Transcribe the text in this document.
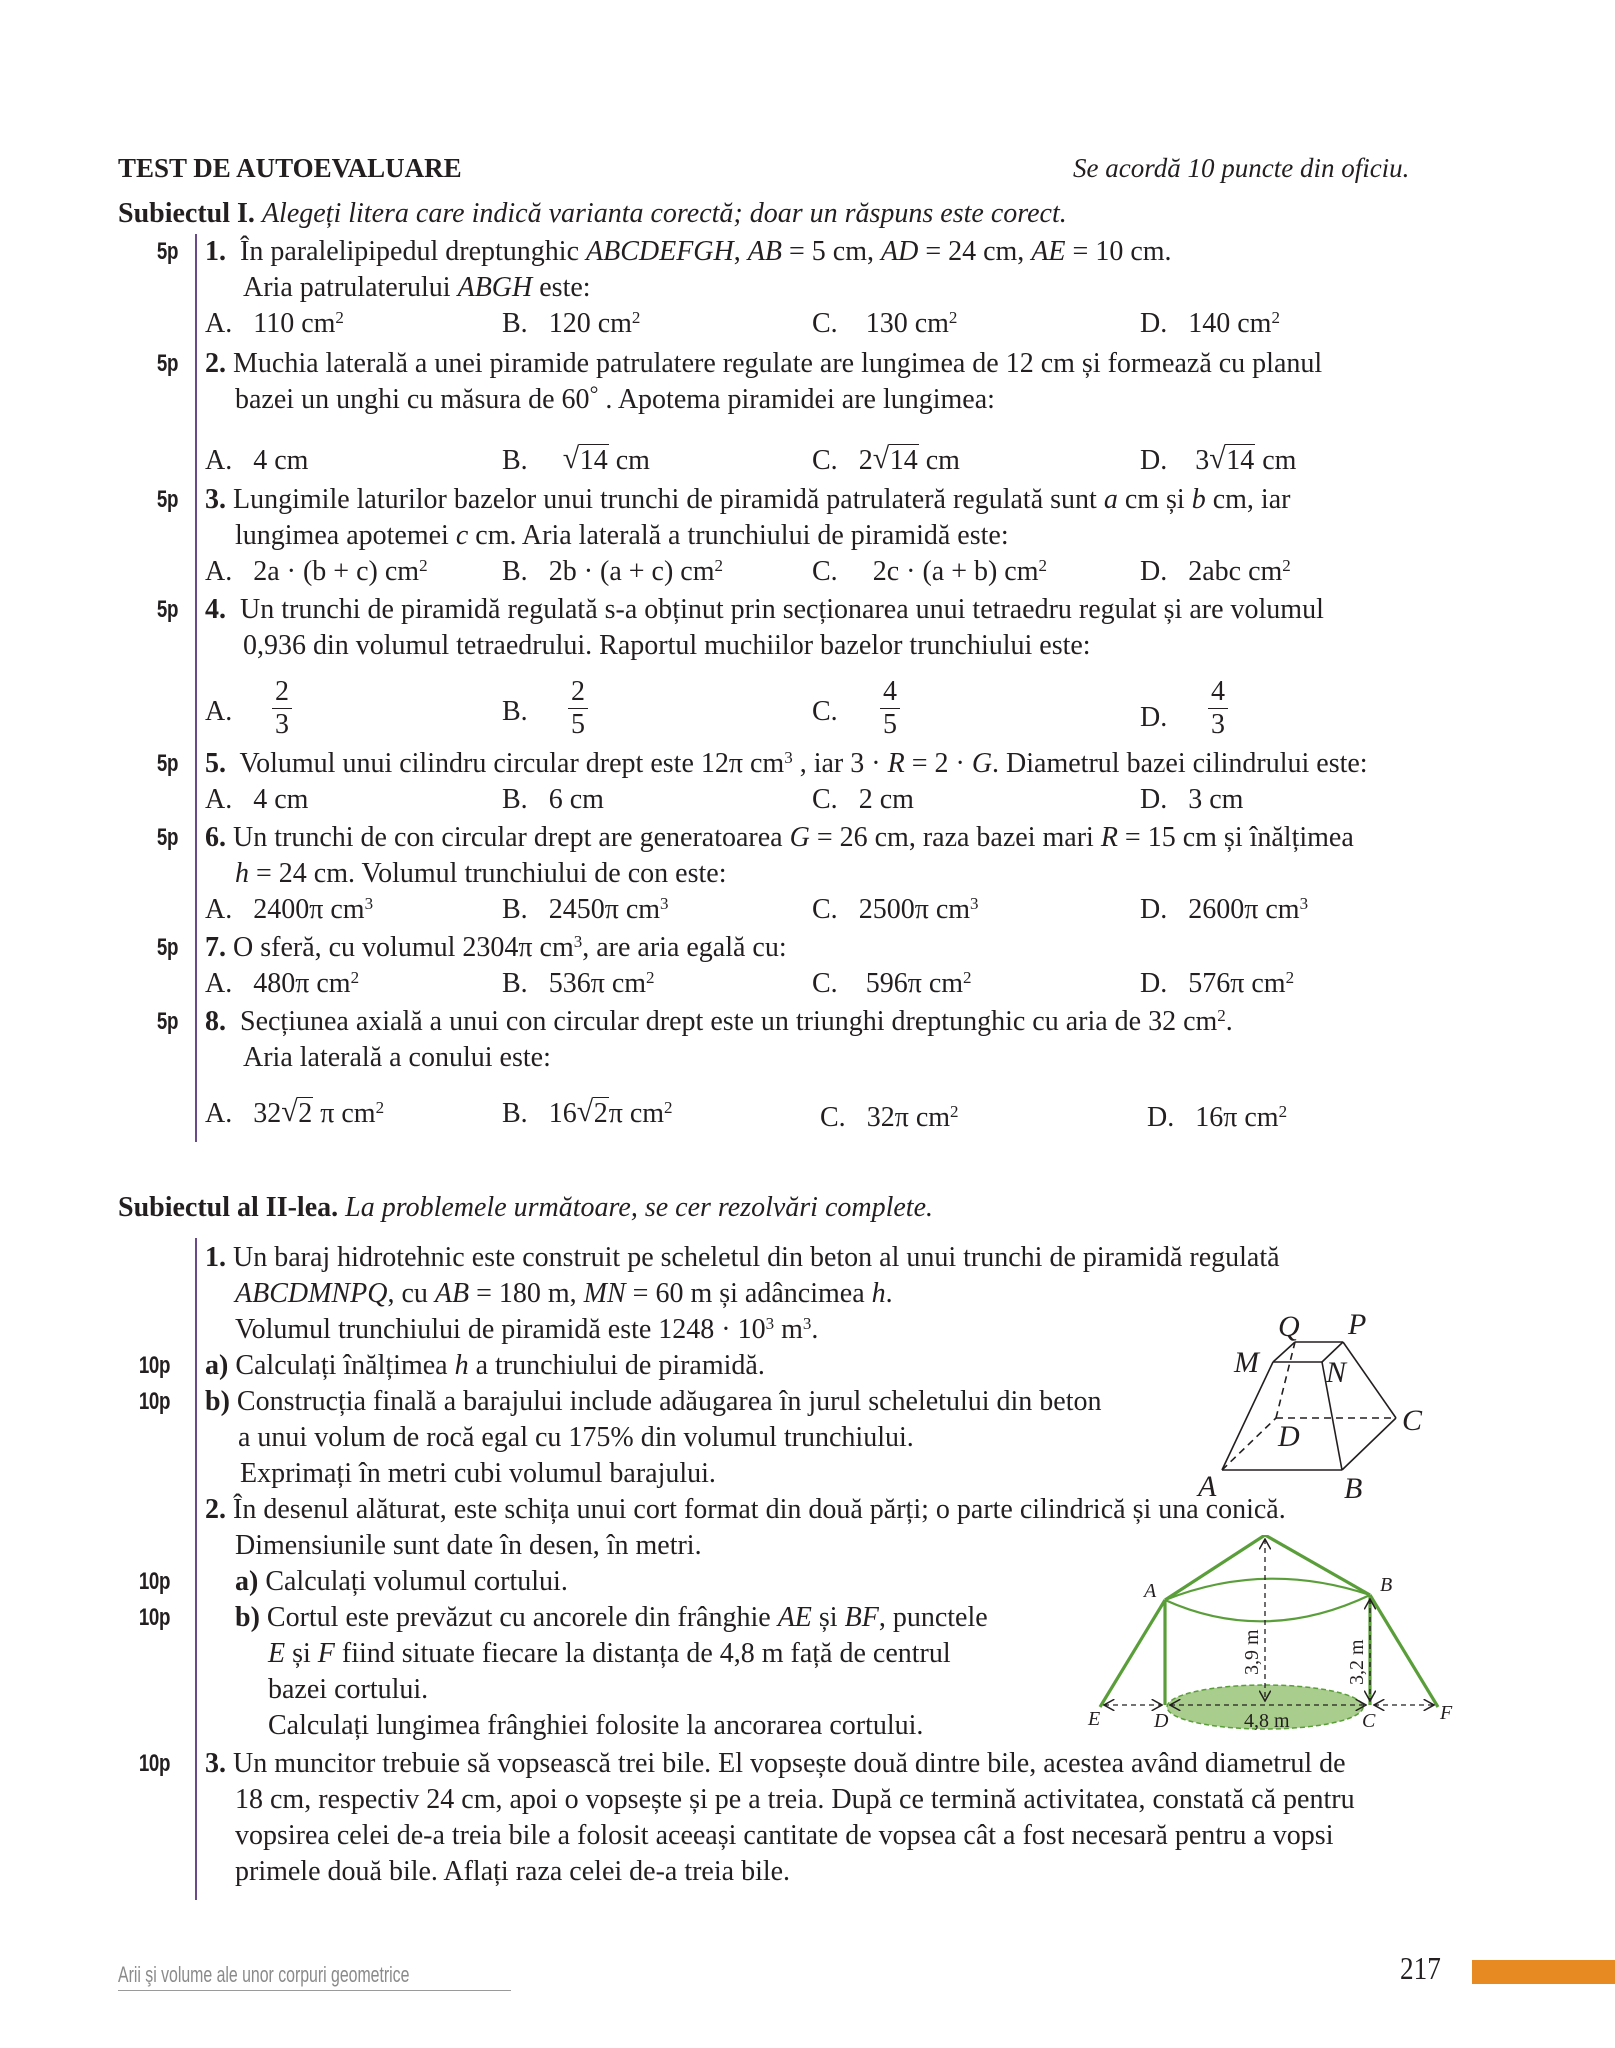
TEST DE AUTOEVALUARE	Se acordă 10 puncte din oficiu.
Subiectul I. Alegeți litera care indică varianta corectă; doar un răspuns este corect.
5p 1. În paralelipipedul dreptunghic ABCDEFGH, AB = 5 cm, AD = 24 cm, AE = 10 cm.
Aria patrulaterului ABGH este:
A. 110 $cm^2$	B. 120 $cm^2$	C. 130 $cm^2$	D. 140 $cm^2$
5p 2. Muchia laterală a unei piramide patrulatere regulate are lungimea de 12 cm și formează cu planul
bazei un unghi cu măsura de 60° . Apotema piramidei are lungimea:
A. 4 cm	B. √ 14 cm	C. 2 √ 14 cm	D. 3 √ 14 cm
5p 3. Lungimile laturilor bazelor unui trunchi de piramidă patrulateră regulată sunt a cm și b cm, iar
lungimea apotemei c cm. Aria laterală a trunchiului de piramidă este:
A. 2a · (b + c) $cm^2$	B. 2b · (a + c) $cm^2$	C. 2c · (a + b) $cm^2$	D. 2abc $cm^2$
5p 4. Un trunchi de piramidă regulată s-a obținut prin secționarea unui tetraedru regulat și are volumul
0,936 din volumul tetraedrului. Raportul muchiilor bazelor trunchiului este:
A. $\frac{2}{3}$	B. $\frac{2}{5}$	C. $\frac{4}{5}$	D. $\frac{4}{3}$
5p 5. Volumul unui cilindru circular drept este 12π $cm^3$ , iar 3 · R = 2 · G. Diametrul bazei cilindrului este:
A. 4 cm	B. 6 cm	C. 2 cm	D. 3 cm
5p 6. Un trunchi de con circular drept are generatoarea G = 26 cm, raza bazei mari R = 15 cm și înălțimea
h = 24 cm. Volumul trunchiului de con este:
A. 2400π $cm^3$	B. 2450π $cm^3$	C. 2500π $cm^3$	D. 2600π $cm^3$
5p 7. O sferă, cu volumul 2304π $cm^3$, are aria egală cu:
A. 480π $cm^2$	B. 536π $cm^2$	C. 596π $cm^2$	D. 576π $cm^2$
5p 8. Secțiunea axială a unui con circular drept este un triunghi dreptunghic cu aria de 32 $cm^2$.
Aria laterală a conului este:
A. 32 √ 2 π $cm^2$	B. 16 √ 2π $cm^2$	C. 32π $cm^2$	D. 16π $cm^2$
Subiectul al II-lea. La problemele următoare, se cer rezolvări complete.
1. Un baraj hidrotehnic este construit pe scheletul din beton al unui trunchi de piramidă regulată
ABCDMNPQ, cu AB = 180 m, MN = 60 m și adâncimea h.
Volumul trunchiului de piramidă este $1248 \cdot 10^3$ $m^3$.
10p a) Calculați înălțimea h a trunchiului de piramidă.
10p b) Construcția finală a barajului include adăugarea în jurul scheletului din beton
a unui volum de rocă egal cu 175% din volumul trunchiului.
Exprimați în metri cubi volumul barajului.
Q P
M N
C
D
A	B
2. În desenul alăturat, este schița unui cort format din două părți; o parte cilindrică și una conică.
Dimensiunile sunt date în desen, în metri.
10p a) Calculați volumul cortului.
10p b) Cortul este prevăzut cu ancorele din frânghie AE și BF, punctele
E și F fiind situate fiecare la distanța de 4,8 m față de centrul
bazei cortului.
Calculați lungimea frânghiei folosite la ancorarea cortului.
3,9 m	3,2 m
4,8 m
A	B
E	D	C	F
10p 3. Un muncitor trebuie să vopsească trei bile. El vopsește două dintre bile, acestea având diametrul de
18 cm, respectiv 24 cm, apoi o vopsește și pe a treia. După ce termină activitatea, constată că pentru
vopsirea celei de-a treia bile a folosit aceeași cantitate de vopsea cât a fost necesară pentru a vopsi
primele două bile. Aflați raza celei de-a treia bile.
Arii şi volume ale unor corpuri geometrice	217
